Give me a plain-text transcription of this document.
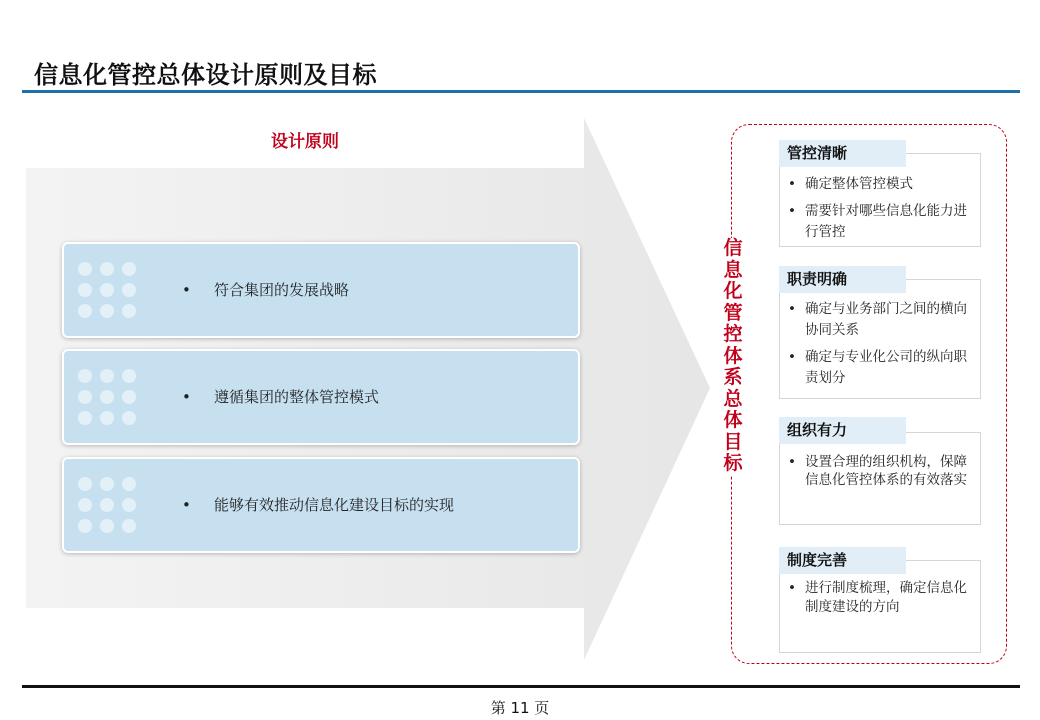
信息化管控总体设计原则及目标
设计原则
• 符合集团的发展战略
• 遵循集团的整体管控模式
• 能够有效推动信息化建设目标的实现
信
息
化
管
控
体
系
总
体
目
标
• 确定整体管控模式
• 需要针对哪些信息化能力进行管控
管控清晰
• 确定与业务部门之间的横向协同关系
• 确定与专业化公司的纵向职责划分
职责明确
• 设置合理的组织机构，保障信息化管控体系的有效落实
组织有力
• 进行制度梳理，确定信息化制度建设的方向
制度完善
第 11 页
